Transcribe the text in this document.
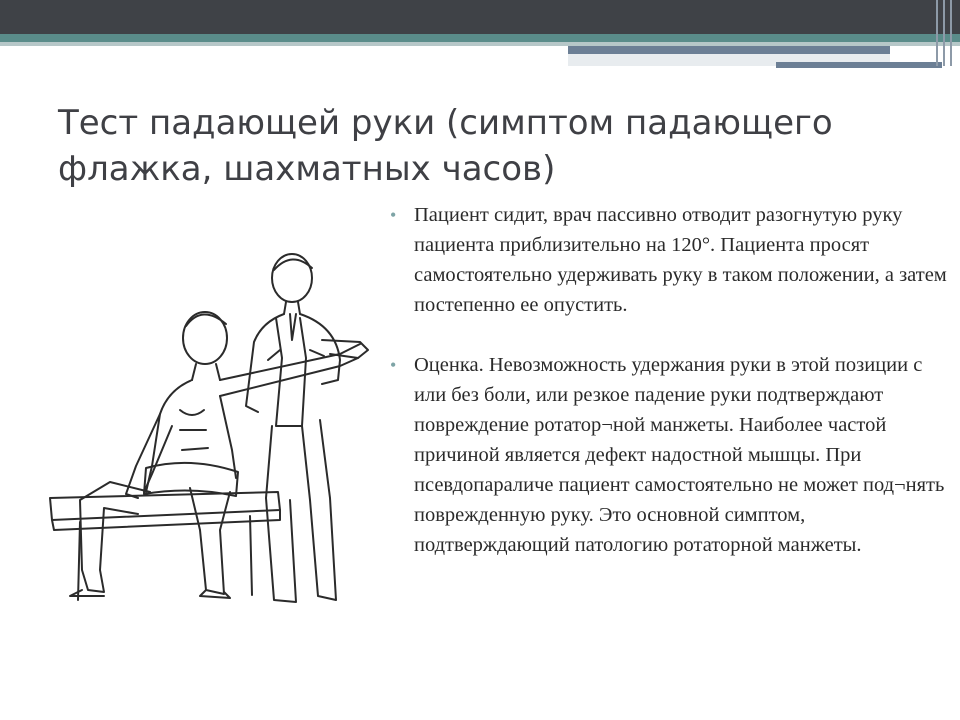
Тест падающей руки (симптом падающего флажка, шахматных часов)
• Пациент сидит, врач пассивно отводит разогнутую руку пациента приблизительно на 120°. Пациента просят самостоятельно удерживать руку в таком положении, а затем постепенно ее опустить.
• Оценка. Невозможность удержания руки в этой позиции с или без боли, или резкое падение руки подтверждают повреждение ротатор¬ной манжеты. Наиболее частой причиной является дефект надостной мышцы. При псевдопараличе пациент самостоятельно не может под¬нять поврежденную руку. Это основной симптом, подтверждающий патологию ротаторной манжеты.
